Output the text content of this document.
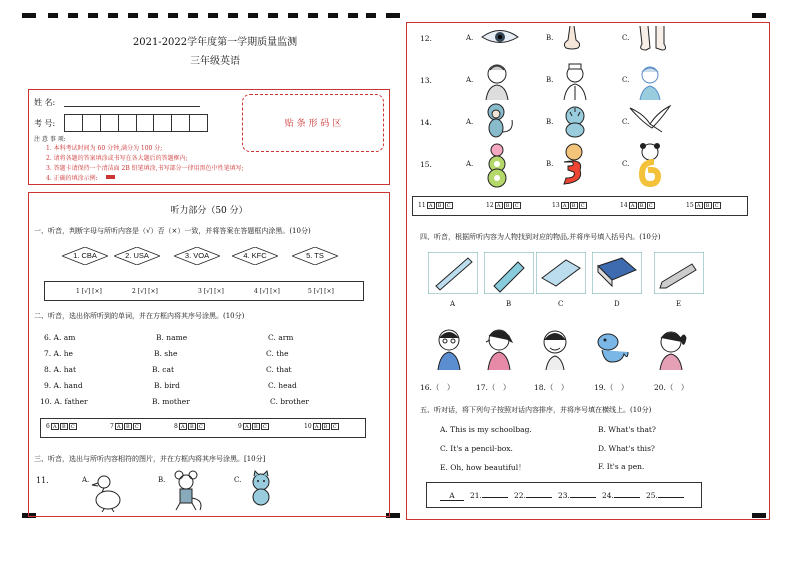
2021-2022学年度第一学期质量监测
三年级英语
姓 名:
考 号:
注 意 事 项:
1. 本科考试时间为 60 分钟,满分为 100 分;
2. 请将各题的答案填涂或书写在各大题后的答题框内;
3. 答题卡请保持一个清洁面 2B 铅笔填涂,书写部分一律用黑色中性笔填写;
4. 正确的填涂示例:
贴 条 形 码 区
听力部分（50 分）
一、听音，判断字母与所听内容是（√）否（×）一致，并将答案在答题框内涂黑。(10分)
1. CBA	2. USA	3. VOA	4. KFC	5. TS
1 [√] [×]	2 [√] [×]	3 [√] [×]	4 [√] [×]	5 [√] [×]
二、听音，选出你所听到的单词，并在方框内将其序号涂黑。(10分)
6. A. am	B. name	C. arm
7. A. he	B. she	C. the
8. A. hat	B. cat	C. that
9. A. hand	B. bird	C. head
10. A. father	B. mother	C. brother
6 A B C	7 A B C	8 A B C	9 A B C	10 A B C
三、听音，选出与所听内容相符的图片，并在方框内将其序号涂黑。[10分]
11.	A.	B.	C.
12.	A.	B.	C.
13.	A.	B.	C.
14.	A.	B.	C.
15.	A.	B.	C.
11 A B C	12 A B C	13 A B C	14 A B C	15 A B C
四、听音，根据所听内容为人物找到对应的物品,并将序号填入括号内。(10分)
A	B	C	D	E
16.（　）	17.（　）	18.（　）	19.（　）	20.（　）
五、听对话，将下列句子按照对话内容排序，并将序号填在横线上。(10分)
A. This is my schoolbag.	B. What's that?
C. It's a pencil-box.	D. What's this?
E. Oh, how beautiful！	F. It's a pen.
A	21.	22.	23.	24.	25.
